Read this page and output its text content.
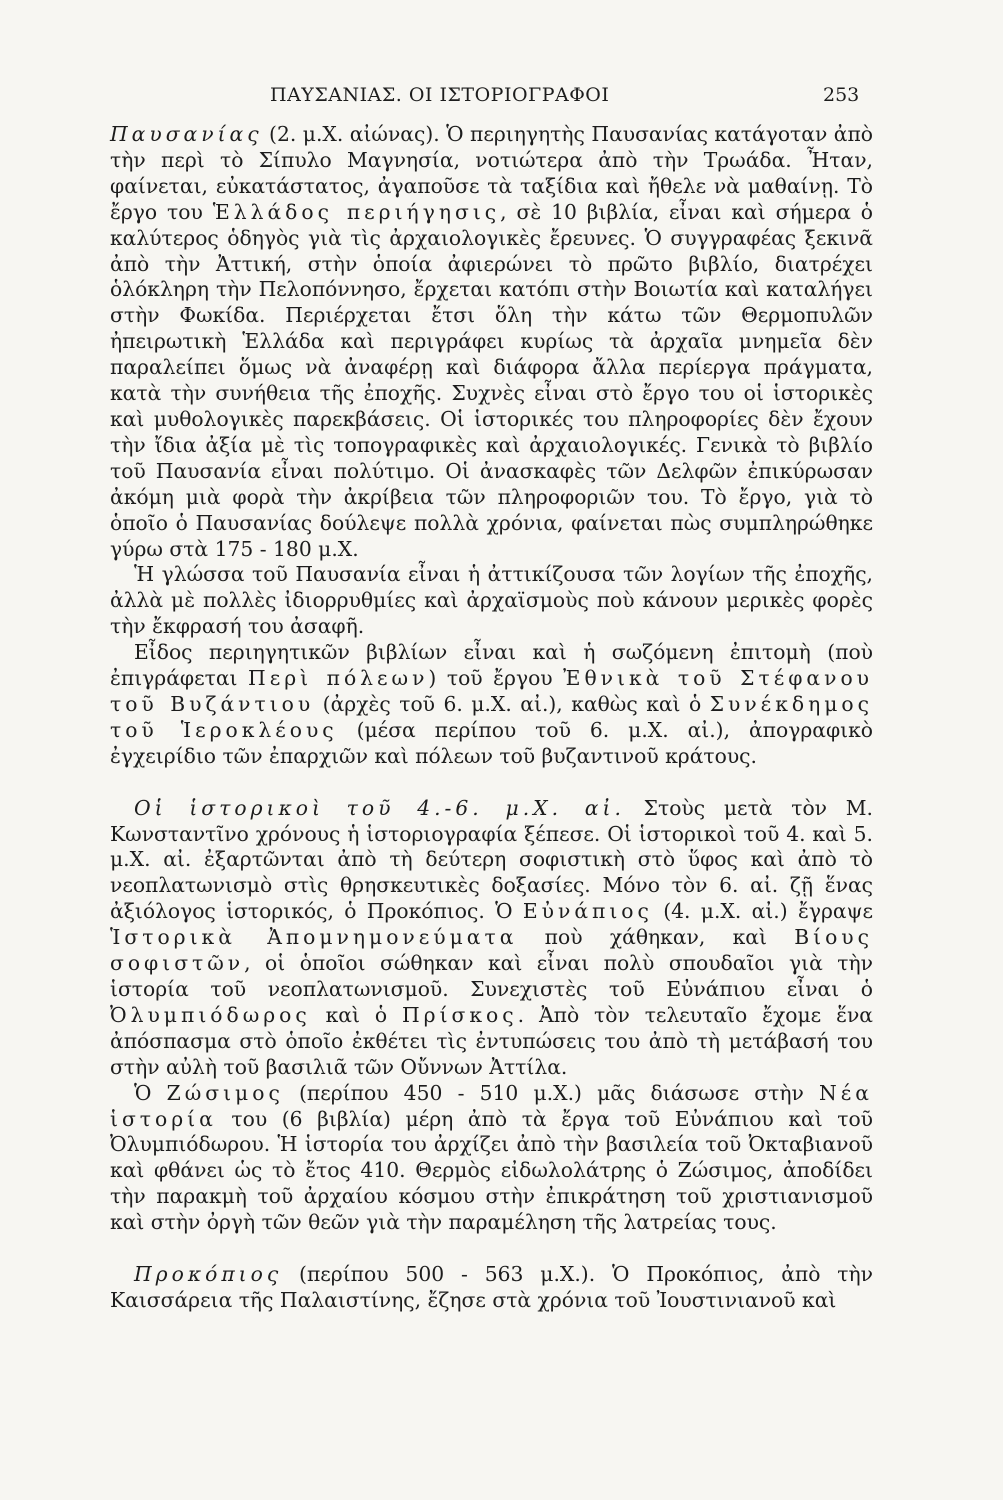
ΠΑΥΣΑΝΙΑΣ. ΟΙ ΙΣΤΟΡΙΟΓΡΑΦΟΙ	253

Παυσανίας (2. μ.Χ. αἰώνας). Ὁ περιηγητὴς Παυσανίας κατάγοταν ἀπὸ τὴν περὶ τὸ Σίπυλο Μαγνησία, νοτιώτερα ἀπὸ τὴν Τρωάδα. Ἦταν, φαίνεται, εὐκατάστατος, ἀγαποῦσε τὰ ταξίδια καὶ ἤθελε νὰ μαθαίνῃ. Τὸ ἔργο του Ἑλλάδος περιήγησις, σὲ 10 βιβλία, εἶναι καὶ σήμερα ὁ καλύτερος ὁδηγὸς γιὰ τὶς ἀρχαιολογικὲς ἔρευνες. Ὁ συγγραφέας ξεκινᾶ ἀπὸ τὴν Ἀττική, στὴν ὁποία ἀφιερώνει τὸ πρῶτο βιβλίο, διατρέχει ὁλόκληρη τὴν Πελοπόννησο, ἔρχεται κατόπι στὴν Βοιωτία καὶ καταλήγει στὴν Φωκίδα. Περιέρχεται ἔτσι ὅλη τὴν κάτω τῶν Θερμοπυλῶν ἠπειρωτικὴ Ἑλλάδα καὶ περιγράφει κυρίως τὰ ἀρχαῖα μνημεῖα δὲν παραλείπει ὅμως νὰ ἀναφέρῃ καὶ διάφορα ἄλλα περίεργα πράγματα, κατὰ τὴν συνήθεια τῆς ἐποχῆς. Συχνὲς εἶναι στὸ ἔργο του οἱ ἱστορικὲς καὶ μυθολογικὲς παρεκβάσεις. Οἱ ἱστορικές του πληροφορίες δὲν ἔχουν τὴν ἴδια ἀξία μὲ τὶς τοπογραφικὲς καὶ ἀρχαιολογικές. Γενικὰ τὸ βιβλίο τοῦ Παυσανία εἶναι πολύτιμο. Οἱ ἀνασκαφὲς τῶν Δελφῶν ἐπικύρωσαν ἀκόμη μιὰ φορὰ τὴν ἀκρίβεια τῶν πληροφοριῶν του. Τὸ ἔργο, γιὰ τὸ ὁποῖο ὁ Παυσανίας δούλεψε πολλὰ χρόνια, φαίνεται πὼς συμπληρώθηκε γύρω στὰ 175 - 180 μ.Χ.

Ἡ γλώσσα τοῦ Παυσανία εἶναι ἡ ἀττικίζουσα τῶν λογίων τῆς ἐποχῆς, ἀλλὰ μὲ πολλὲς ἰδιορρυθμίες καὶ ἀρχαϊσμοὺς ποὺ κάνουν μερικὲς φορὲς τὴν ἔκφρασή του ἀσαφῆ.

Εἶδος περιηγητικῶν βιβλίων εἶναι καὶ ἡ σωζόμενη ἐπιτομὴ (ποὺ ἐπιγράφεται Περὶ πόλεων) τοῦ ἔργου Ἐθνικὰ τοῦ Στέφανου τοῦ Βυζάντιου (ἀρχὲς τοῦ 6. μ.Χ. αἰ.), καθὼς καὶ ὁ Συνέκδημος τοῦ Ἱεροκλέους (μέσα περίπου τοῦ 6. μ.Χ. αἰ.), ἀπογραφικὸ ἐγχειρίδιο τῶν ἐπαρχιῶν καὶ πόλεων τοῦ βυζαντινοῦ κράτους.

Οἱ ἱστορικοὶ τοῦ 4.-6. μ.Χ. αἰ. Στοὺς μετὰ τὸν Μ. Κωνσταντῖνο χρόνους ἡ ἱστοριογραφία ξέπεσε. Οἱ ἱστορικοὶ τοῦ 4. καὶ 5. μ.Χ. αἰ. ἐξαρτῶνται ἀπὸ τὴ δεύτερη σοφιστικὴ στὸ ὕφος καὶ ἀπὸ τὸ νεοπλατωνισμὸ στὶς θρησκευτικὲς δοξασίες. Μόνο τὸν 6. αἰ. ζῇ ἕνας ἀξιόλογος ἱστορικός, ὁ Προκόπιος. Ὁ Εὐνάπιος (4. μ.Χ. αἰ.) ἔγραψε Ἱστορικὰ Ἀπομνημονεύματα ποὺ χάθηκαν, καὶ Βίους σοφιστῶν, οἱ ὁποῖοι σώθηκαν καὶ εἶναι πολὺ σπουδαῖοι γιὰ τὴν ἱστορία τοῦ νεοπλατωνισμοῦ. Συνεχιστὲς τοῦ Εὐνάπιου εἶναι ὁ Ὀλυμπιόδωρος καὶ ὁ Πρίσκος. Ἀπὸ τὸν τελευταῖο ἔχομε ἕνα ἀπόσπασμα στὸ ὁποῖο ἐκθέτει τὶς ἐντυπώσεις του ἀπὸ τὴ μετάβασή του στὴν αὐλὴ τοῦ βασιλιᾶ τῶν Οὔννων Ἀττίλα.

Ὁ Ζώσιμος (περίπου 450 - 510 μ.Χ.) μᾶς διάσωσε στὴν Νέα ἱστορία του (6 βιβλία) μέρη ἀπὸ τὰ ἔργα τοῦ Εὐνάπιου καὶ τοῦ Ὀλυμπιόδωρου. Ἡ ἱστορία του ἀρχίζει ἀπὸ τὴν βασιλεία τοῦ Ὀκταβιανοῦ καὶ φθάνει ὡς τὸ ἔτος 410. Θερμὸς εἰδωλολάτρης ὁ Ζώσιμος, ἀποδίδει τὴν παρακμὴ τοῦ ἀρχαίου κόσμου στὴν ἐπικράτηση τοῦ χριστιανισμοῦ καὶ στὴν ὀργὴ τῶν θεῶν γιὰ τὴν παραμέληση τῆς λατρείας τους.

Προκόπιος (περίπου 500 - 563 μ.Χ.). Ὁ Προκόπιος, ἀπὸ τὴν Καισσάρεια τῆς Παλαιστίνης, ἔζησε στὰ χρόνια τοῦ Ἰουστινιανοῦ καὶ
